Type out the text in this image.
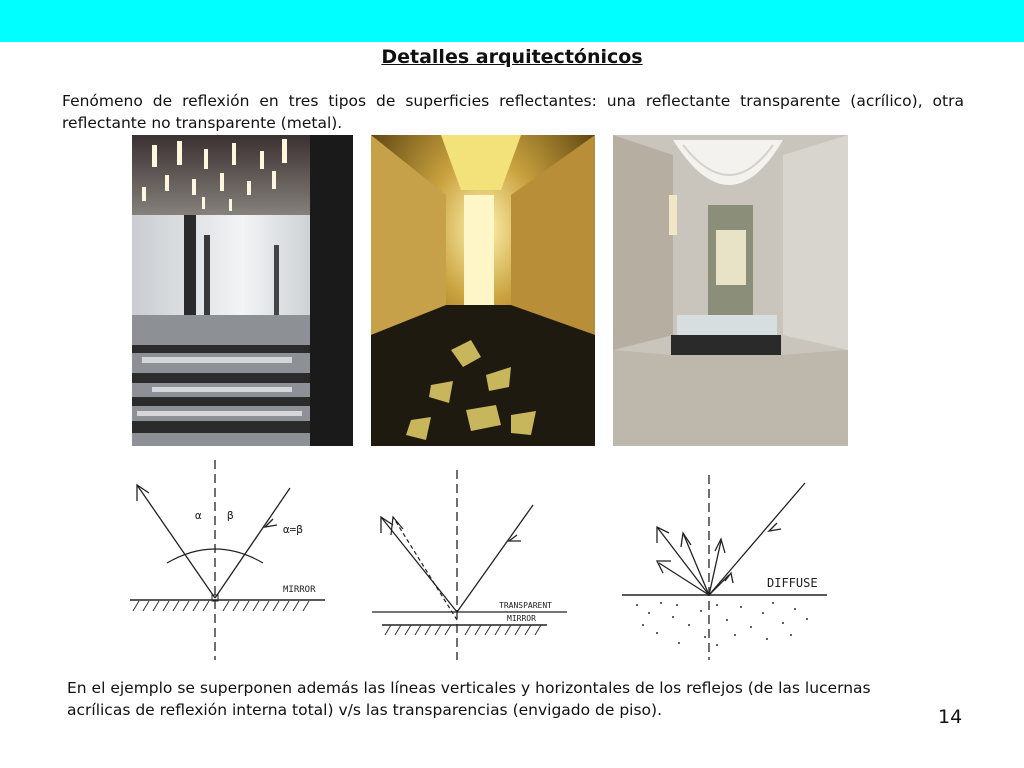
Detalles arquitectónicos
Fenómeno de reflexión en tres tipos de superficies reflectantes: una reflectante transparente (acrílico), otra reflectante no transparente (metal).
α β
α=β
MIRROR
TRANSPARENT
MIRROR
DIFFUSE
En el ejemplo se superponen además las líneas verticales y horizontales de los reflejos (de las lucernas acrílicas de reflexión interna total) v/s las transparencias (envigado de piso).	14
